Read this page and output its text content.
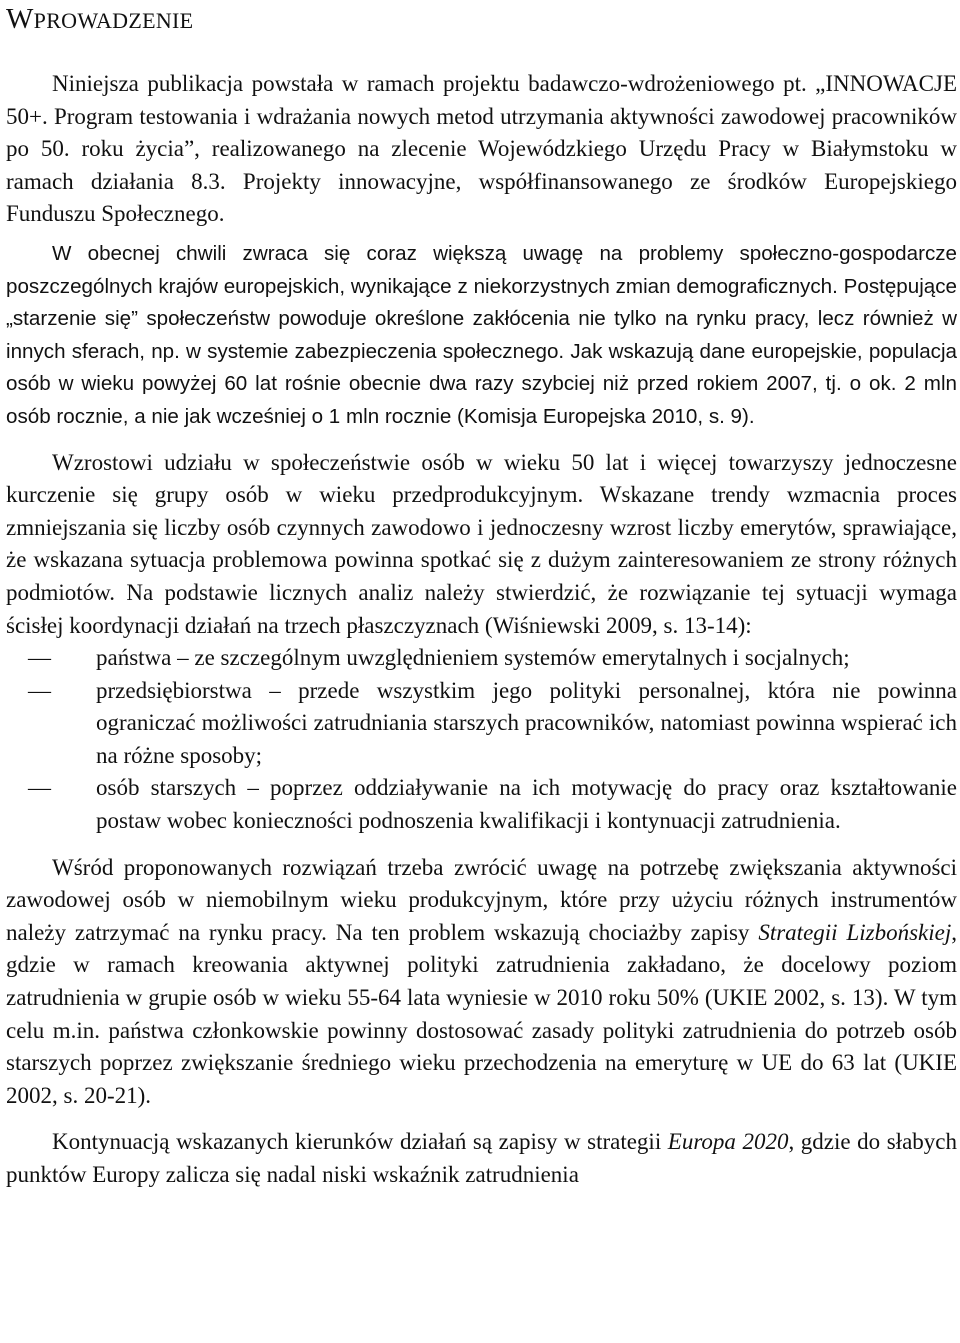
WPROWADZENIE

Niniejsza publikacja powstała w ramach projektu badawczo-wdrożeniowego pt. „INNOWACJE 50+. Program testowania i wdrażania nowych metod utrzymania aktywności zawodowej pracowników po 50. roku życia”, realizowanego na zlecenie Wojewódzkiego Urzędu Pracy w Białymstoku w ramach działania 8.3. Projekty innowacyjne, współfinansowanego ze środków Europejskiego Funduszu Społecznego.

W obecnej chwili zwraca się coraz większą uwagę na problemy społeczno-gospodarcze poszczególnych krajów europejskich, wynikające z niekorzystnych zmian demograficznych. Postępujące „starzenie się” społeczeństw powoduje określone zakłócenia nie tylko na rynku pracy, lecz również w innych sferach, np. w systemie zabezpieczenia społecznego. Jak wskazują dane europejskie, populacja osób w wieku powyżej 60 lat rośnie obecnie dwa razy szybciej niż przed rokiem 2007, tj. o ok. 2 mln osób rocznie, a nie jak wcześniej o 1 mln rocznie (Komisja Europejska 2010, s. 9).

Wzrostowi udziału w społeczeństwie osób w wieku 50 lat i więcej towarzyszy jednoczesne kurczenie się grupy osób w wieku przedprodukcyjnym. Wskazane trendy wzmacnia proces zmniejszania się liczby osób czynnych zawodowo i jednoczesny wzrost liczby emerytów, sprawiające, że wskazana sytuacja problemowa powinna spotkać się z dużym zainteresowaniem ze strony różnych podmiotów. Na podstawie licznych analiz należy stwierdzić, że rozwiązanie tej sytuacji wymaga ścisłej koordynacji działań na trzech płaszczyznach (Wiśniewski 2009, s. 13-14):

— państwa – ze szczególnym uwzględnieniem systemów emerytalnych i socjalnych;
— przedsiębiorstwa – przede wszystkim jego polityki personalnej, która nie powinna ograniczać możliwości zatrudniania starszych pracowników, natomiast powinna wspierać ich na różne sposoby;
— osób starszych – poprzez oddziaływanie na ich motywację do pracy oraz kształtowanie postaw wobec konieczności podnoszenia kwalifikacji i kontynuacji zatrudnienia.

Wśród proponowanych rozwiązań trzeba zwrócić uwagę na potrzebę zwiększania aktywności zawodowej osób w niemobilnym wieku produkcyjnym, które przy użyciu różnych instrumentów należy zatrzymać na rynku pracy. Na ten problem wskazują chociażby zapisy Strategii Lizbońskiej, gdzie w ramach kreowania aktywnej polityki zatrudnienia zakładano, że docelowy poziom zatrudnienia w grupie osób w wieku 55-64 lata wyniesie w 2010 roku 50% (UKIE 2002, s. 13). W tym celu m.in. państwa członkowskie powinny dostosować zasady polityki zatrudnienia do potrzeb osób starszych poprzez zwiększanie średniego wieku przechodzenia na emeryturę w UE do 63 lat (UKIE 2002, s. 20-21).

Kontynuacją wskazanych kierunków działań są zapisy w strategii Europa 2020, gdzie do słabych punktów Europy zalicza się nadal niski wskaźnik zatrudnienia
